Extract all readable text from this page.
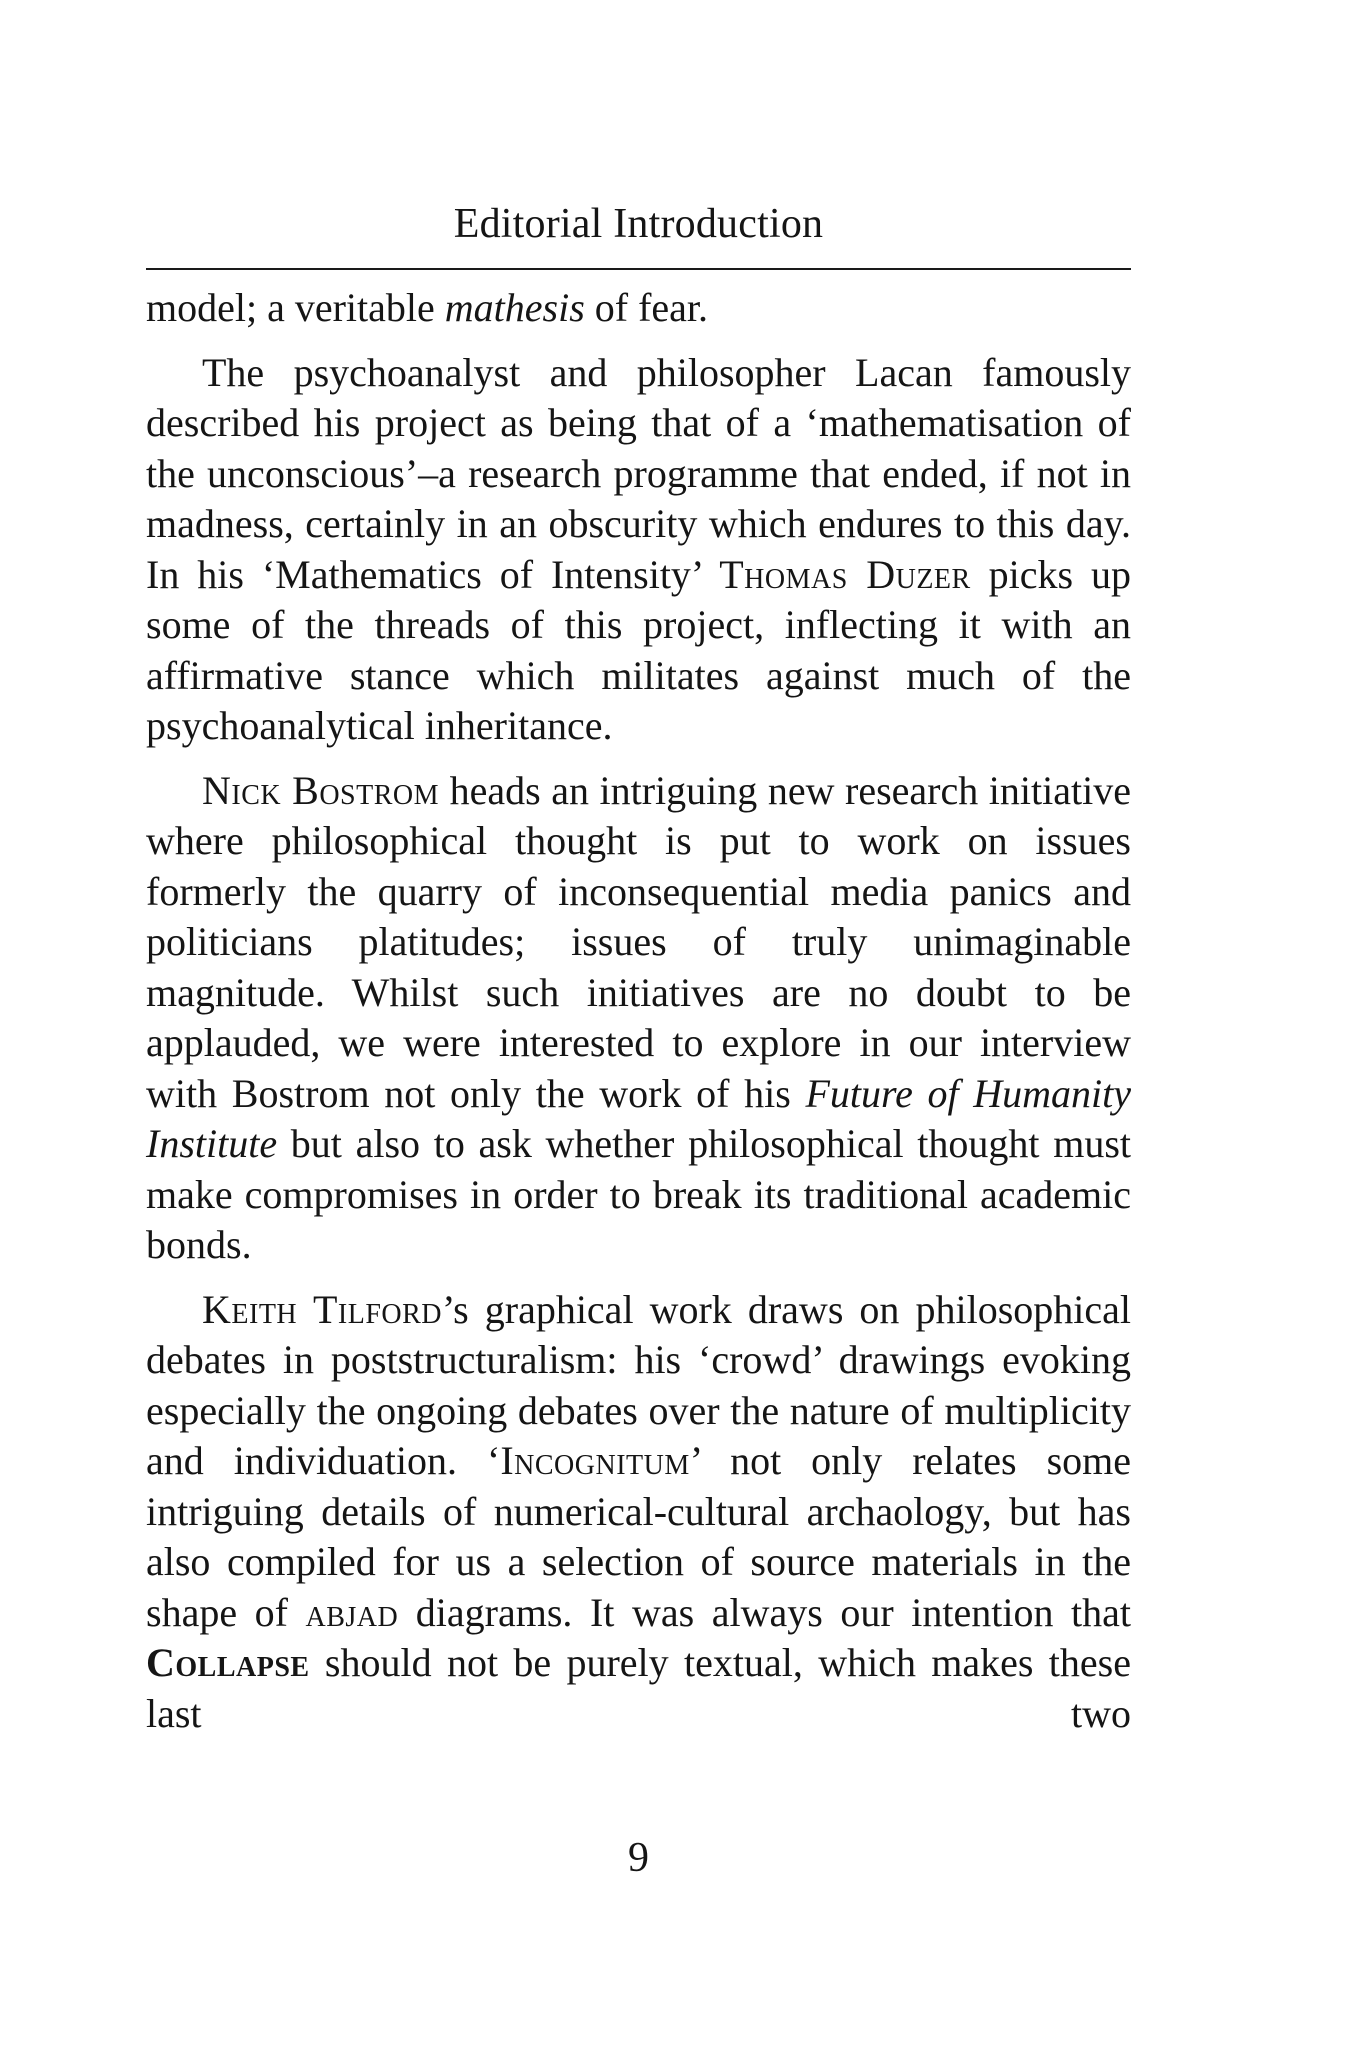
Editorial Introduction

model; a veritable mathesis of fear.

The psychoanalyst and philosopher Lacan famously described his project as being that of a ‘mathematisation of the unconscious’–a research programme that ended, if not in madness, certainly in an obscurity which endures to this day. In his ‘Mathematics of Intensity’ Thomas Duzer picks up some of the threads of this project, inflecting it with an affirmative stance which militates against much of the psychoanalytical inheritance.

Nick Bostrom heads an intriguing new research initiative where philosophical thought is put to work on issues formerly the quarry of inconsequential media panics and politicians platitudes; issues of truly unimaginable magnitude. Whilst such initiatives are no doubt to be applauded, we were interested to explore in our interview with Bostrom not only the work of his Future of Humanity Institute but also to ask whether philosophical thought must make compromises in order to break its traditional academic bonds.

Keith Tilford’s graphical work draws on philosophical debates in poststructuralism: his ‘crowd’ drawings evoking especially the ongoing debates over the nature of multiplicity and individuation. ‘Incognitum’ not only relates some intriguing details of numerical-cultural archaology, but has also compiled for us a selection of source materials in the shape of abjad diagrams. It was always our intention that Collapse should not be purely textual, which makes these last two

9
